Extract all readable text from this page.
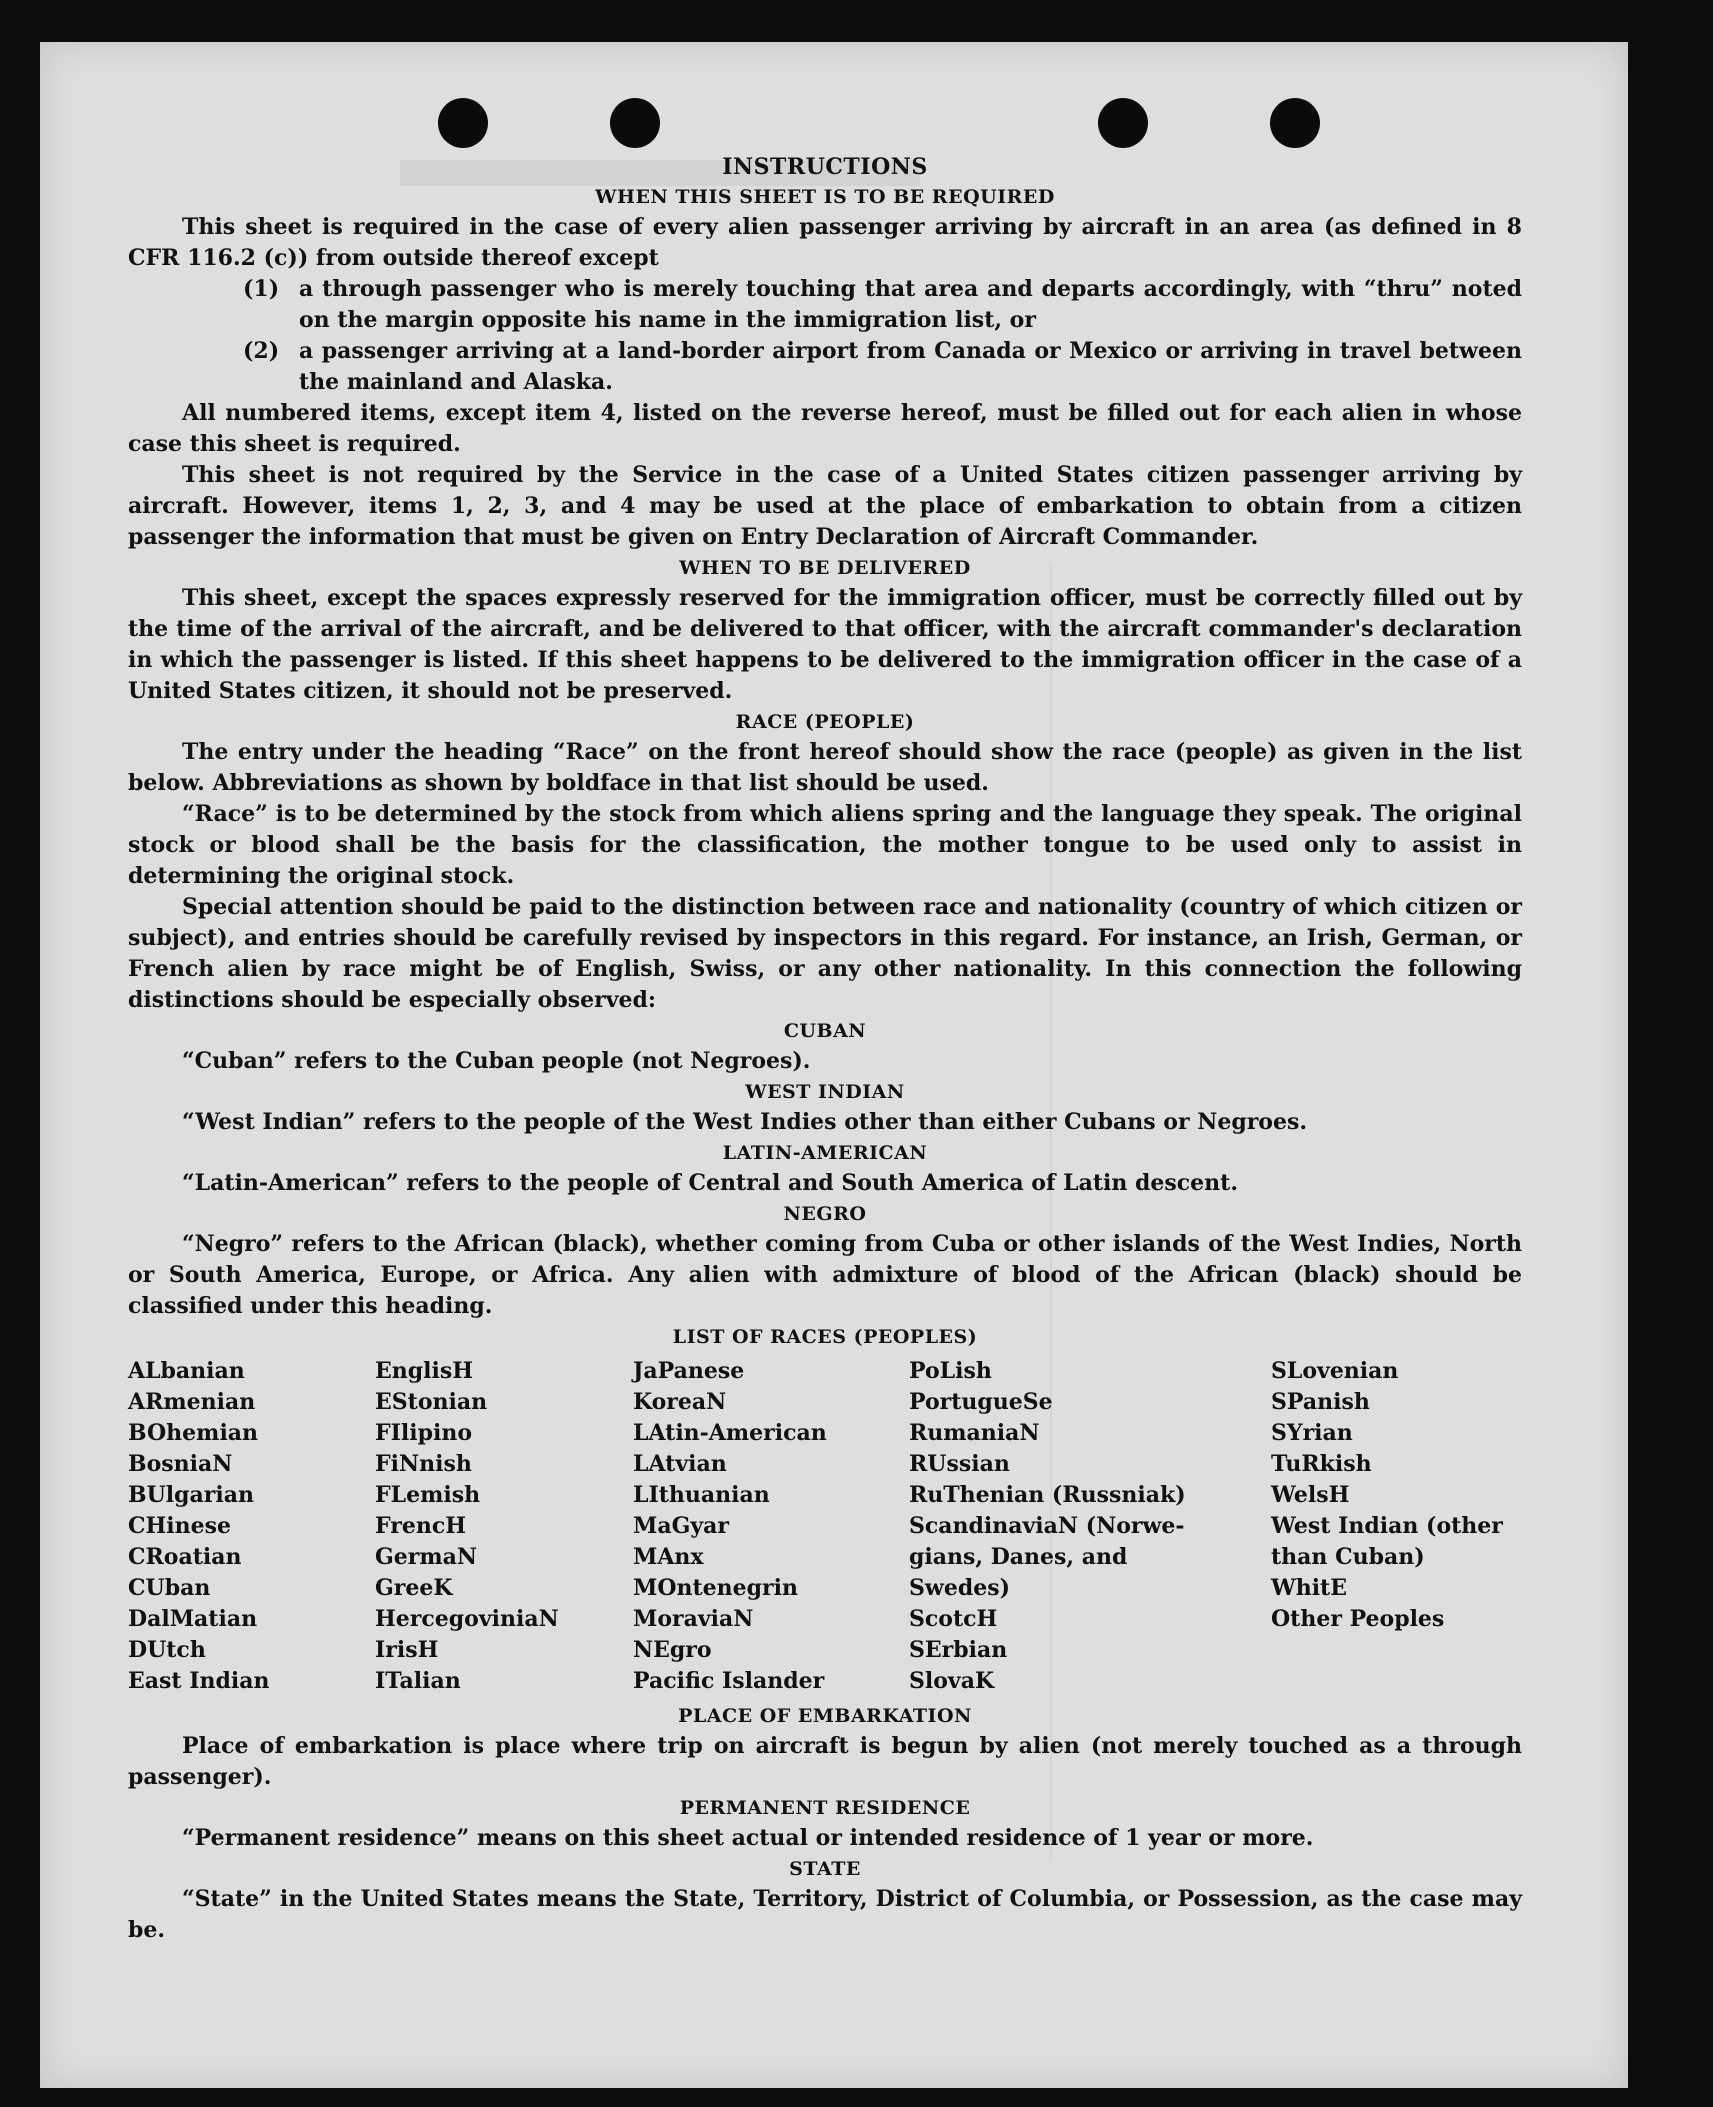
INSTRUCTIONS
WHEN THIS SHEET IS TO BE REQUIRED
This sheet is required in the case of every alien passenger arriving by aircraft in an area (as defined in 8 CFR 116.2 (c)) from outside thereof except
(1) a through passenger who is merely touching that area and departs accordingly, with “thru” noted on the margin opposite his name in the immigration list, or
(2) a passenger arriving at a land-border airport from Canada or Mexico or arriving in travel between the mainland and Alaska.
All numbered items, except item 4, listed on the reverse hereof, must be filled out for each alien in whose case this sheet is required.
This sheet is not required by the Service in the case of a United States citizen passenger arriving by aircraft. However, items 1, 2, 3, and 4 may be used at the place of embarkation to obtain from a citizen passenger the information that must be given on Entry Declaration of Aircraft Commander.
WHEN TO BE DELIVERED
This sheet, except the spaces expressly reserved for the immigration officer, must be correctly filled out by the time of the arrival of the aircraft, and be delivered to that officer, with the aircraft commander's declaration in which the passenger is listed. If this sheet happens to be delivered to the immigration officer in the case of a United States citizen, it should not be preserved.
RACE (PEOPLE)
The entry under the heading “Race” on the front hereof should show the race (people) as given in the list below. Abbreviations as shown by boldface in that list should be used.
“Race” is to be determined by the stock from which aliens spring and the language they speak. The original stock or blood shall be the basis for the classification, the mother tongue to be used only to assist in determining the original stock.
Special attention should be paid to the distinction between race and nationality (country of which citizen or subject), and entries should be carefully revised by inspectors in this regard. For instance, an Irish, German, or French alien by race might be of English, Swiss, or any other nationality. In this connection the following distinctions should be especially observed:
CUBAN
“Cuban” refers to the Cuban people (not Negroes).
WEST INDIAN
“West Indian” refers to the people of the West Indies other than either Cubans or Negroes.
LATIN-AMERICAN
“Latin-American” refers to the people of Central and South America of Latin descent.
NEGRO
“Negro” refers to the African (black), whether coming from Cuba or other islands of the West Indies, North or South America, Europe, or Africa. Any alien with admixture of blood of the African (black) should be classified under this heading.
LIST OF RACES (PEOPLES)
ALbanian
ARmenian
BOhemian
BosniaN
BUlgarian
CHinese
CRoatian
CUban
DalMatian
DUtch
East Indian
EnglisH
EStonian
FIlipino
FiNnish
FLemish
FrencH
GermaN
GreeK
HercegoviniaN
IrisH
ITalian
JaPanese
KoreaN
LAtin-American
LAtvian
LIthuanian
MaGyar
MAnx
MOntenegrin
MoraviaN
NEgro
Pacific Islander
PoLish
PortugueSe
RumaniaN
RUssian
RuThenian (Russniak)
ScandinaviaN (Norwe-
gians, Danes, and
Swedes)
ScotcH
SErbian
SlovaK
SLovenian
SPanish
SYrian
TuRkish
WelsH
West Indian (other
than Cuban)
WhitE
Other Peoples
PLACE OF EMBARKATION
Place of embarkation is place where trip on aircraft is begun by alien (not merely touched as a through passenger).
PERMANENT RESIDENCE
“Permanent residence” means on this sheet actual or intended residence of 1 year or more.
STATE
“State” in the United States means the State, Territory, District of Columbia, or Possession, as the case may be.
